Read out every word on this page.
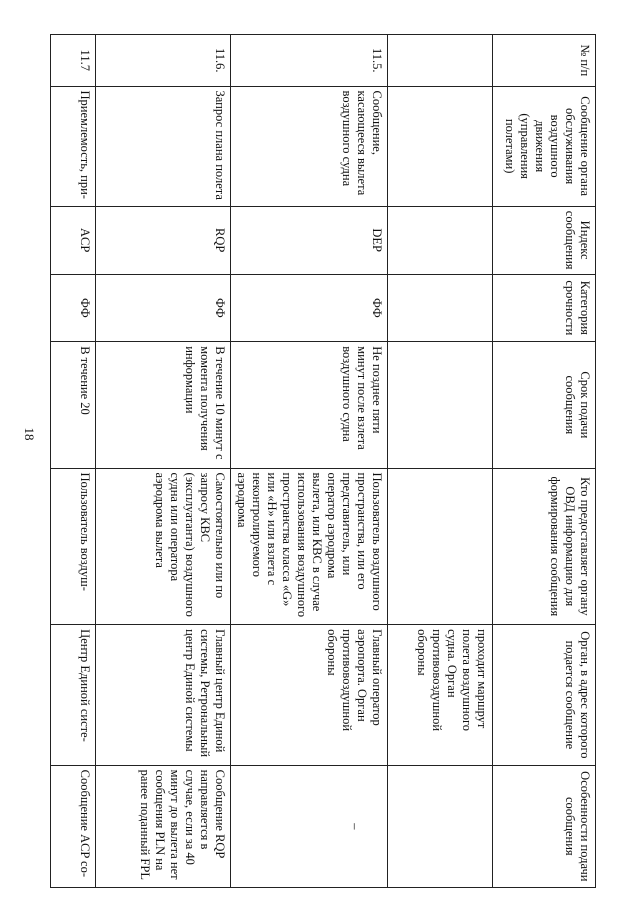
18
№ п/п	Сообщение органа обслуживания воздушного движения (управления полетами)	Индекс сообщения	Категория срочности	Срок подачи сообщения	Кто предоставляет органу ОВД информацию для формирования сообщения	Орган, в адрес которого подается сообщение	Особенности подачи сообщения
						проходит маршрут полета воздушного судна. Орган противовоздушной обороны	
11.5.	Сообщение, касающееся вылета воздушного судна	DEP	ФФ	Не позднее пяти минут после взлета воздушного судна	Пользователь воздушного пространства, или его представитель, или оператор аэродрома вылета, или КВС в случае использования воздушного пространства класса «G» или «Н» или взлета с неконтролируемого аэродрома	Главный оператор аэропорта. Орган противовоздушной обороны	–

11.6.	Запрос плана полета	RQP	ФФ	В течение 10 минут с момента получения информации	Самостоятельно или по запросу КВС (эксплуатанта) воздушного судна или оператора аэродрома вылета	Главный центр Единой системы, Ретрональный центр Единой системы	Сообщение RQP направляется в случае, если за 40 минут до вылета нет сообщения PLN на ранее поданный FPL
11.7	Приемлемость, при-	ACP	ФФ	В течение 20	Пользователь воздуш-	Центр Единой систе-	Сообщение ACP со-
